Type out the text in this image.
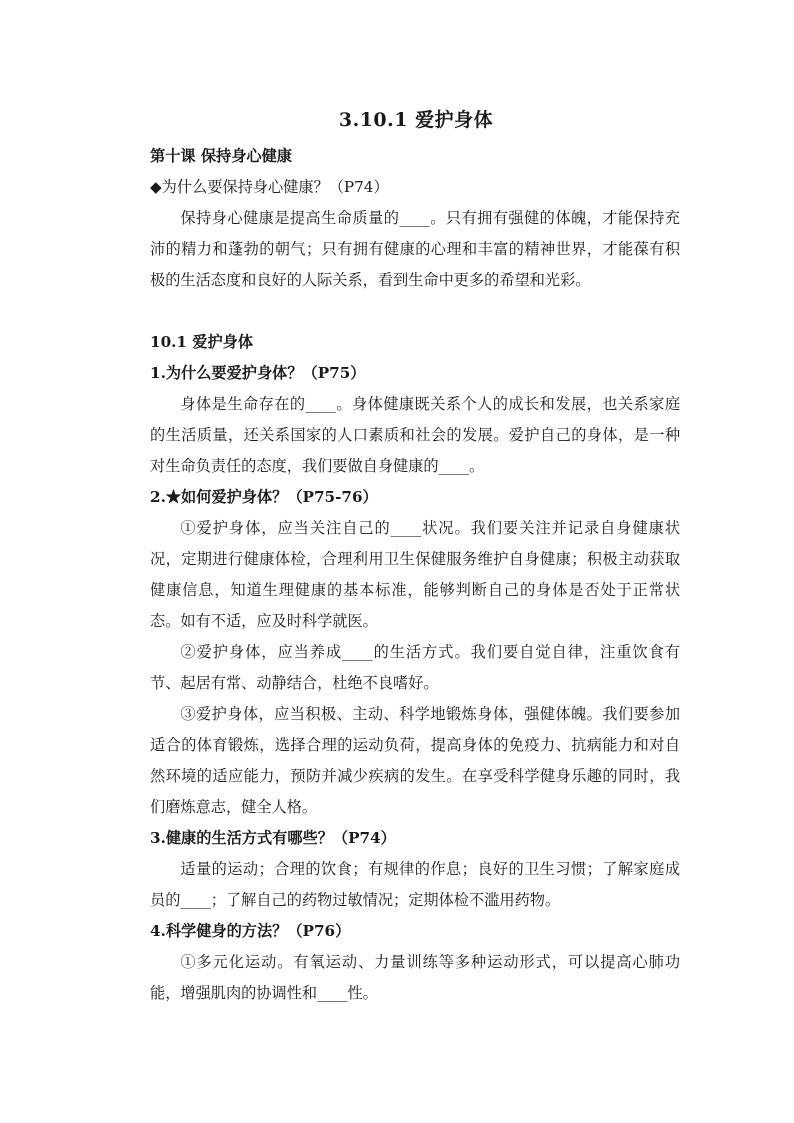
3.10.1 爱护身体
第十课 保持身心健康
◆为什么要保持身心健康？（P74）

保持身心健康是提高生命质量的____。只有拥有强健的体魄，才能保持充沛的精力和蓬勃的朝气；只有拥有健康的心理和丰富的精神世界，才能葆有积极的生活态度和良好的人际关系，看到生命中更多的希望和光彩。

10.1 爱护身体
1.为什么要爱护身体？（P75）

身体是生命存在的____。身体健康既关系个人的成长和发展，也关系家庭的生活质量，还关系国家的人口素质和社会的发展。爱护自己的身体，是一种对生命负责任的态度，我们要做自身健康的____。

2.★如何爱护身体？（P75-76）

①爱护身体，应当关注自己的____状况。我们要关注并记录自身健康状况，定期进行健康体检，合理利用卫生保健服务维护自身健康；积极主动获取健康信息，知道生理健康的基本标准，能够判断自己的身体是否处于正常状态。如有不适，应及时科学就医。

②爱护身体，应当养成____的生活方式。我们要自觉自律，注重饮食有节、起居有常、动静结合，杜绝不良嗜好。

③爱护身体，应当积极、主动、科学地锻炼身体，强健体魄。我们要参加适合的体育锻炼，选择合理的运动负荷，提高身体的免疫力、抗病能力和对自然环境的适应能力，预防并减少疾病的发生。在享受科学健身乐趣的同时，我们磨炼意志，健全人格。

3.健康的生活方式有哪些？（P74）

适量的运动；合理的饮食；有规律的作息；良好的卫生习惯；了解家庭成员的____；了解自己的药物过敏情况；定期体检不滥用药物。

4.科学健身的方法？（P76）

①多元化运动。有氧运动、力量训练等多种运动形式，可以提高心肺功能，增强肌肉的协调性和____性。
